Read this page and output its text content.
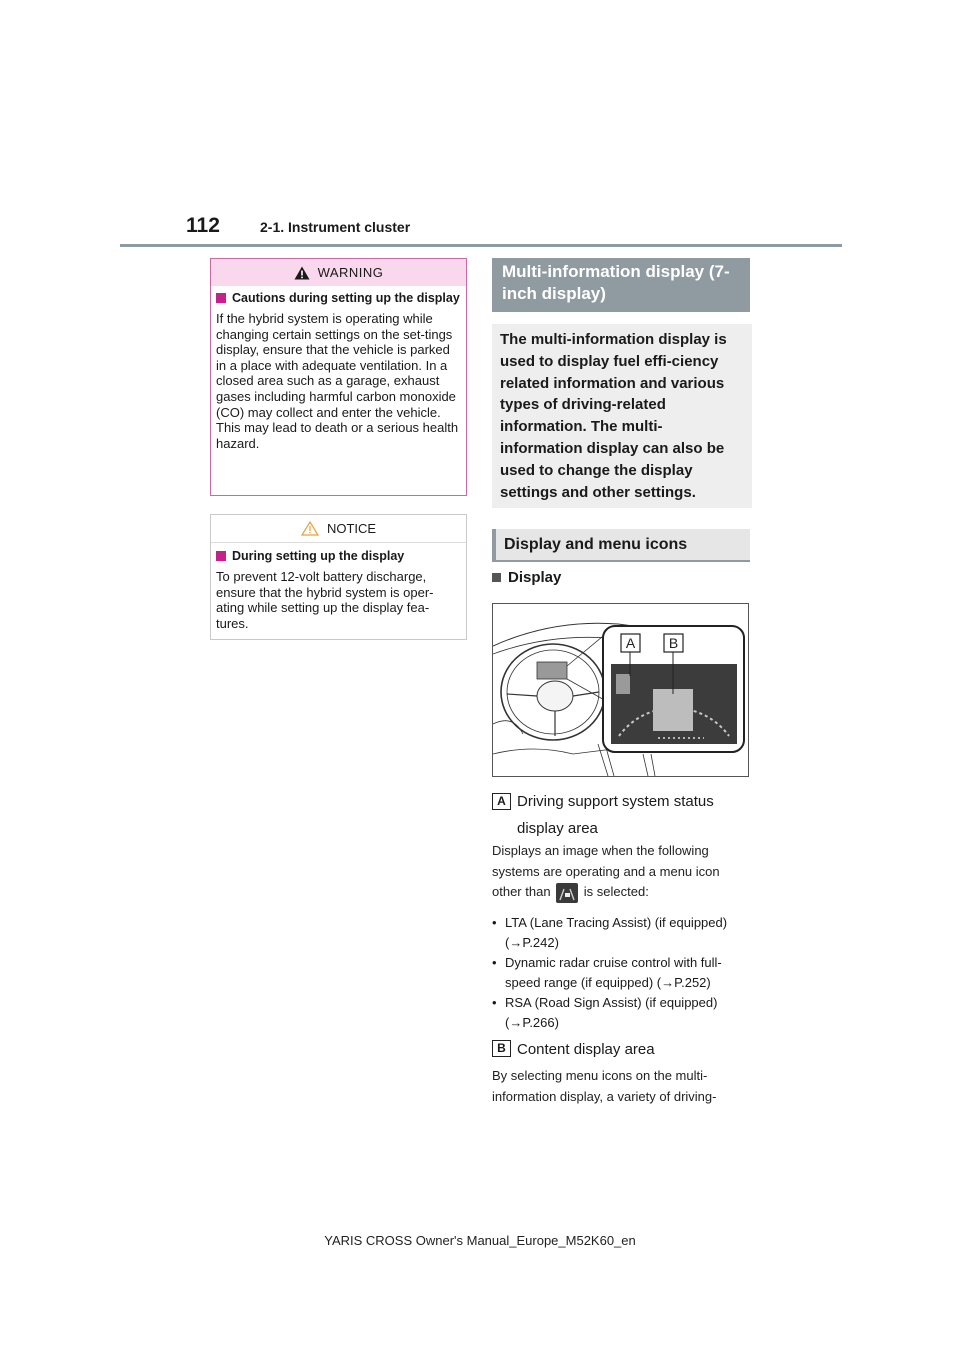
112	2-1. Instrument cluster
WARNING
Cautions during setting up the display
If the hybrid system is operating while changing certain settings on the set-tings display, ensure that the vehicle is parked in a place with adequate ventilation. In a closed area such as a garage, exhaust gases including harmful carbon monoxide (CO) may collect and enter the vehicle. This may lead to death or a serious health hazard.
NOTICE
During setting up the display
To prevent 12-volt battery discharge, ensure that the hybrid system is oper-ating while setting up the display fea-tures.
Multi-information display (7-inch display)
The multi-information display is used to display fuel effi-ciency related information and various types of driving-related information. The multi-information display can also be used to change the display settings and other settings.
Display and menu icons
Display
A B
A Driving support system status display area
Displays an image when the following systems are operating and a menu icon other than	is selected:
• LTA (Lane Tracing Assist) (if equipped) (→P.242)
• Dynamic radar cruise control with full-speed range (if equipped) (→P.252)
• RSA (Road Sign Assist) (if equipped) (→P.266)
B Content display area
By selecting menu icons on the multi-information display, a variety of driving-
YARIS CROSS Owner's Manual_Europe_M52K60_en
